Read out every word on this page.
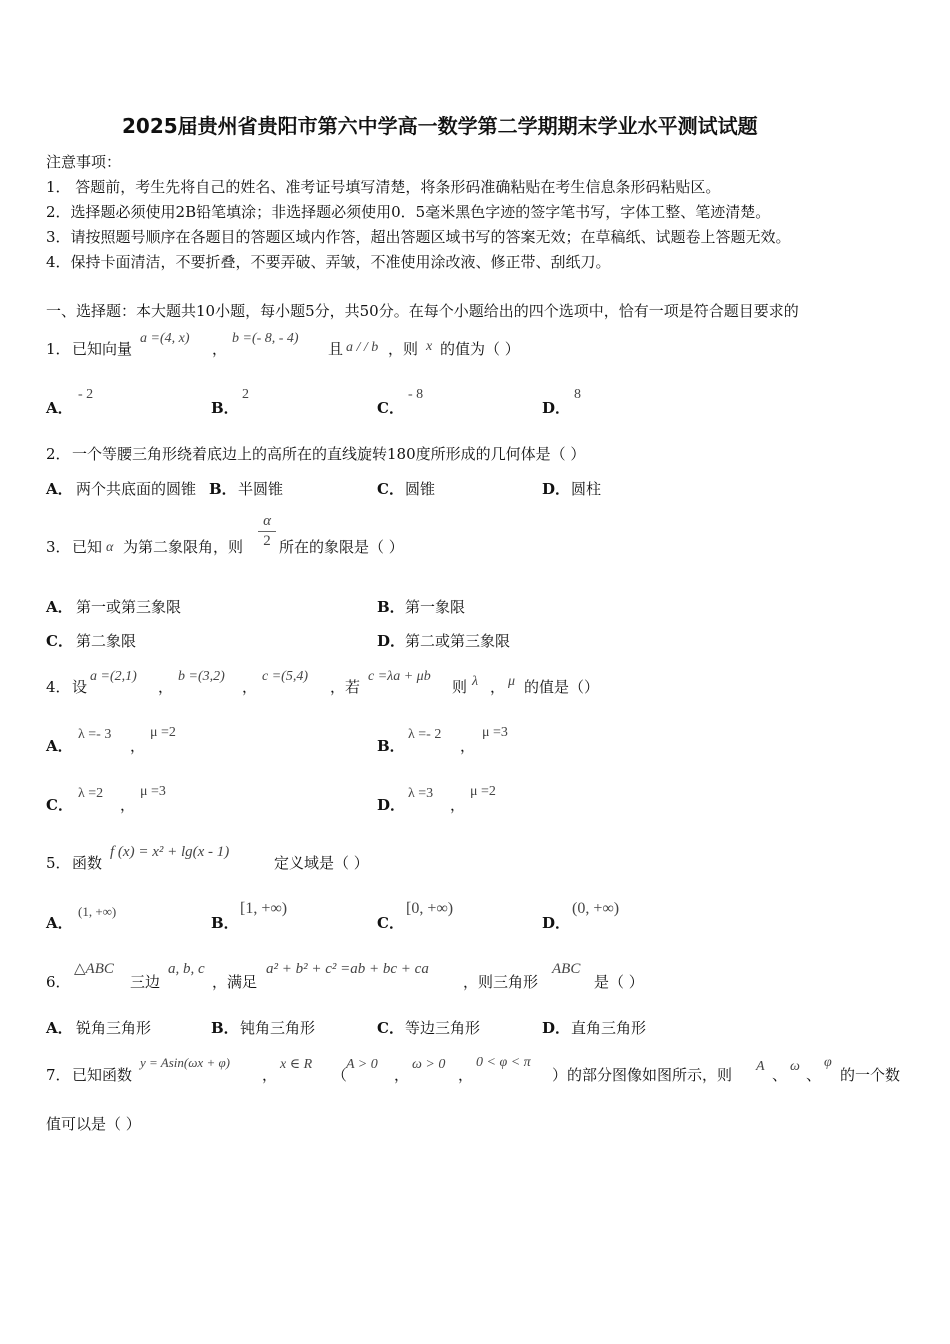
2025届贵州省贵阳市第六中学高一数学第二学期期末学业水平测试试题
注意事项：
1． 答题前，考生先将自己的姓名、准考证号填写清楚，将条形码准确粘贴在考生信息条形码粘贴区。
2．选择题必须使用2B铅笔填涂；非选择题必须使用0．5毫米黑色字迹的签字笔书写，字体工整、笔迹清楚。
3．请按照题号顺序在各题目的答题区域内作答，超出答题区域书写的答案无效；在草稿纸、试题卷上答题无效。
4．保持卡面清洁，不要折叠，不要弄破、弄皱，不准使用涂改液、修正带、刮纸刀。
一、选择题：本大题共10小题，每小题5分，共50分。在每个小题给出的四个选项中，恰有一项是符合题目要求的
1． 已知向量
a =(4, x)
，
b =(- 8, - 4)
且 a / / b ，则 x 的值为（ ）
A．
- 2
B．
2
C．
- 8
D．
8
2． 一个等腰三角形绕着底边上的高所在的直线旋转180度所形成的几何体是（ ）
A． 两个共底面的圆锥 B． 半圆锥	C． 圆锥	D． 圆柱
3． 已知 α 为第二象限角，则
α
2 所在的象限是（ ）
A． 第一或第三象限	B． 第一象限
C． 第二象限	D． 第二或第三象限
4． 设
a =(2,1)
，
b =(3,2)
，
c =(5,4)
，若
c =λa + μb
则 λ ， μ 的值是（）
A．
λ =- 3
，
μ =2
B．
λ =- 2
，
μ =3
C．
λ =2
，
μ =3
D．
λ =3
，
μ =2
5． 函数
f (x) = x² + lg(x - 1)
定义域是（ ）
A．
(1, +∞)
B．
[1, +∞)
C．
[0, +∞)
D．
(0, +∞)
6．
△ABC
三边
a, b, c
，满足
a² + b² + c² =ab + bc + ca
，则三角形
ABC
是（ ）
A． 锐角三角形	B． 钝角三角形	C． 等边三角形	D． 直角三角形
7． 已知函数
y = Asin(ωx + φ)
，
x ∈ R
（
A > 0
，
ω > 0
，
0 < φ < π
）的部分图像如图所示，则 A 、 ω 、
φ
的一个数
值可以是（ ）
